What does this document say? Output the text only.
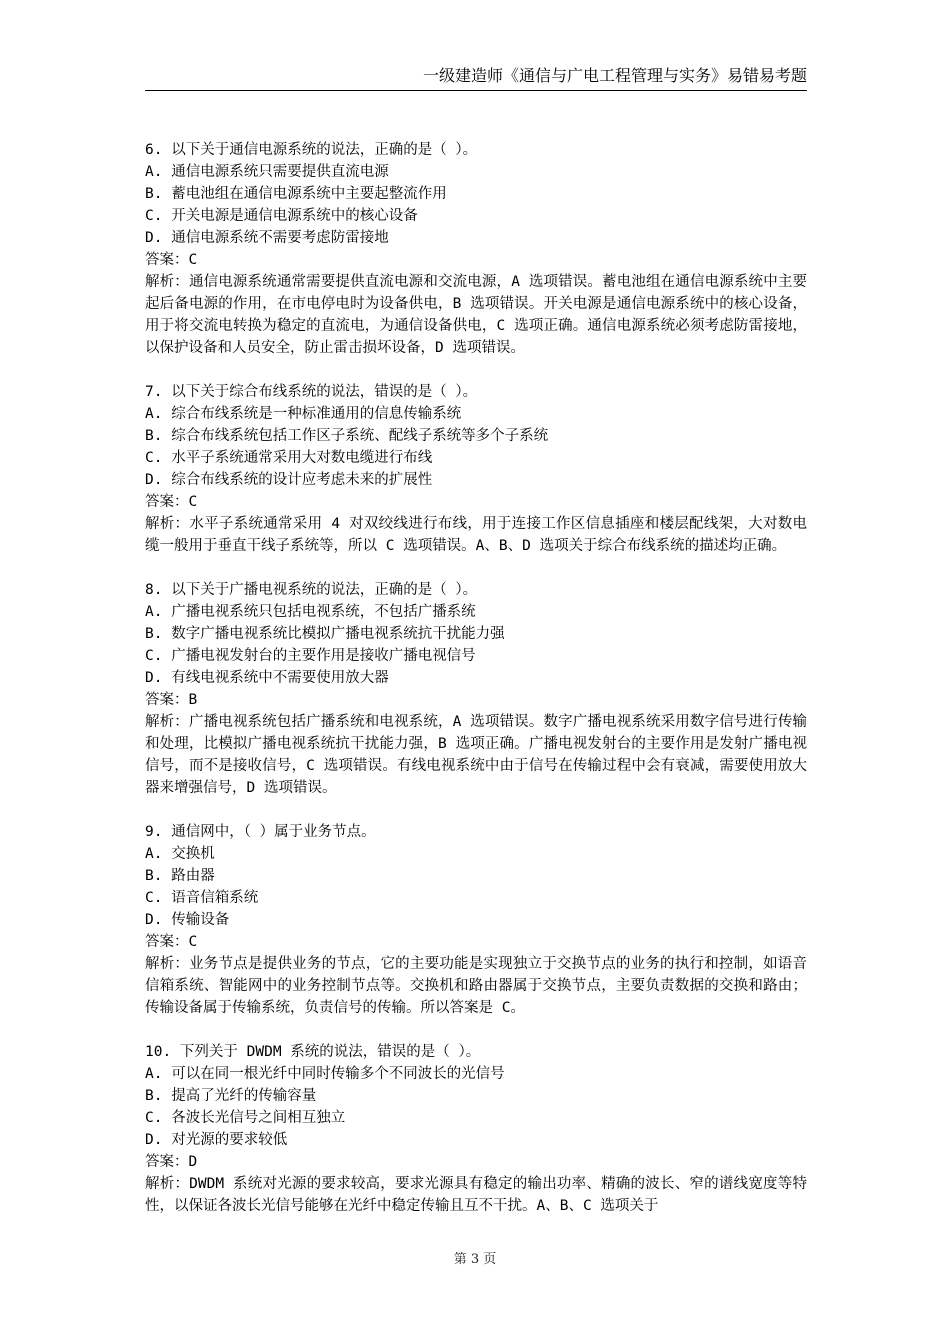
一级建造师《通信与广电工程管理与实务》易错易考题
6. 以下关于通信电源系统的说法，正确的是（ ）。
A. 通信电源系统只需要提供直流电源
B. 蓄电池组在通信电源系统中主要起整流作用
C. 开关电源是通信电源系统中的核心设备
D. 通信电源系统不需要考虑防雷接地
答案：C
解析：通信电源系统通常需要提供直流电源和交流电源，A 选项错误。蓄电池组在通信电源系统中主要起后备电源的作用，在市电停电时为设备供电，B 选项错误。开关电源是通信电源系统中的核心设备，用于将交流电转换为稳定的直流电，为通信设备供电，C 选项正确。通信电源系统必须考虑防雷接地，以保护设备和人员安全，防止雷击损坏设备，D 选项错误。
7. 以下关于综合布线系统的说法，错误的是（ ）。
A. 综合布线系统是一种标准通用的信息传输系统
B. 综合布线系统包括工作区子系统、配线子系统等多个子系统
C. 水平子系统通常采用大对数电缆进行布线
D. 综合布线系统的设计应考虑未来的扩展性
答案：C
解析：水平子系统通常采用 4 对双绞线进行布线，用于连接工作区信息插座和楼层配线架，大对数电缆一般用于垂直干线子系统等，所以 C 选项错误。A、B、D 选项关于综合布线系统的描述均正确。
8. 以下关于广播电视系统的说法，正确的是（ ）。
A. 广播电视系统只包括电视系统，不包括广播系统
B. 数字广播电视系统比模拟广播电视系统抗干扰能力强
C. 广播电视发射台的主要作用是接收广播电视信号
D. 有线电视系统中不需要使用放大器
答案：B
解析：广播电视系统包括广播系统和电视系统，A 选项错误。数字广播电视系统采用数字信号进行传输和处理，比模拟广播电视系统抗干扰能力强，B 选项正确。广播电视发射台的主要作用是发射广播电视信号，而不是接收信号，C 选项错误。有线电视系统中由于信号在传输过程中会有衰减，需要使用放大器来增强信号，D 选项错误。
9. 通信网中，（ ）属于业务节点。
A. 交换机
B. 路由器
C. 语音信箱系统
D. 传输设备
答案：C
解析：业务节点是提供业务的节点，它的主要功能是实现独立于交换节点的业务的执行和控制，如语音信箱系统、智能网中的业务控制节点等。交换机和路由器属于交换节点，主要负责数据的交换和路由；传输设备属于传输系统，负责信号的传输。所以答案是 C。
10. 下列关于 DWDM 系统的说法，错误的是（ ）。
A. 可以在同一根光纤中同时传输多个不同波长的光信号
B. 提高了光纤的传输容量
C. 各波长光信号之间相互独立
D. 对光源的要求较低
答案：D
解析：DWDM 系统对光源的要求较高，要求光源具有稳定的输出功率、精确的波长、窄的谱线宽度等特性，以保证各波长光信号能够在光纤中稳定传输且互不干扰。A、B、C 选项关于
第 3 页
